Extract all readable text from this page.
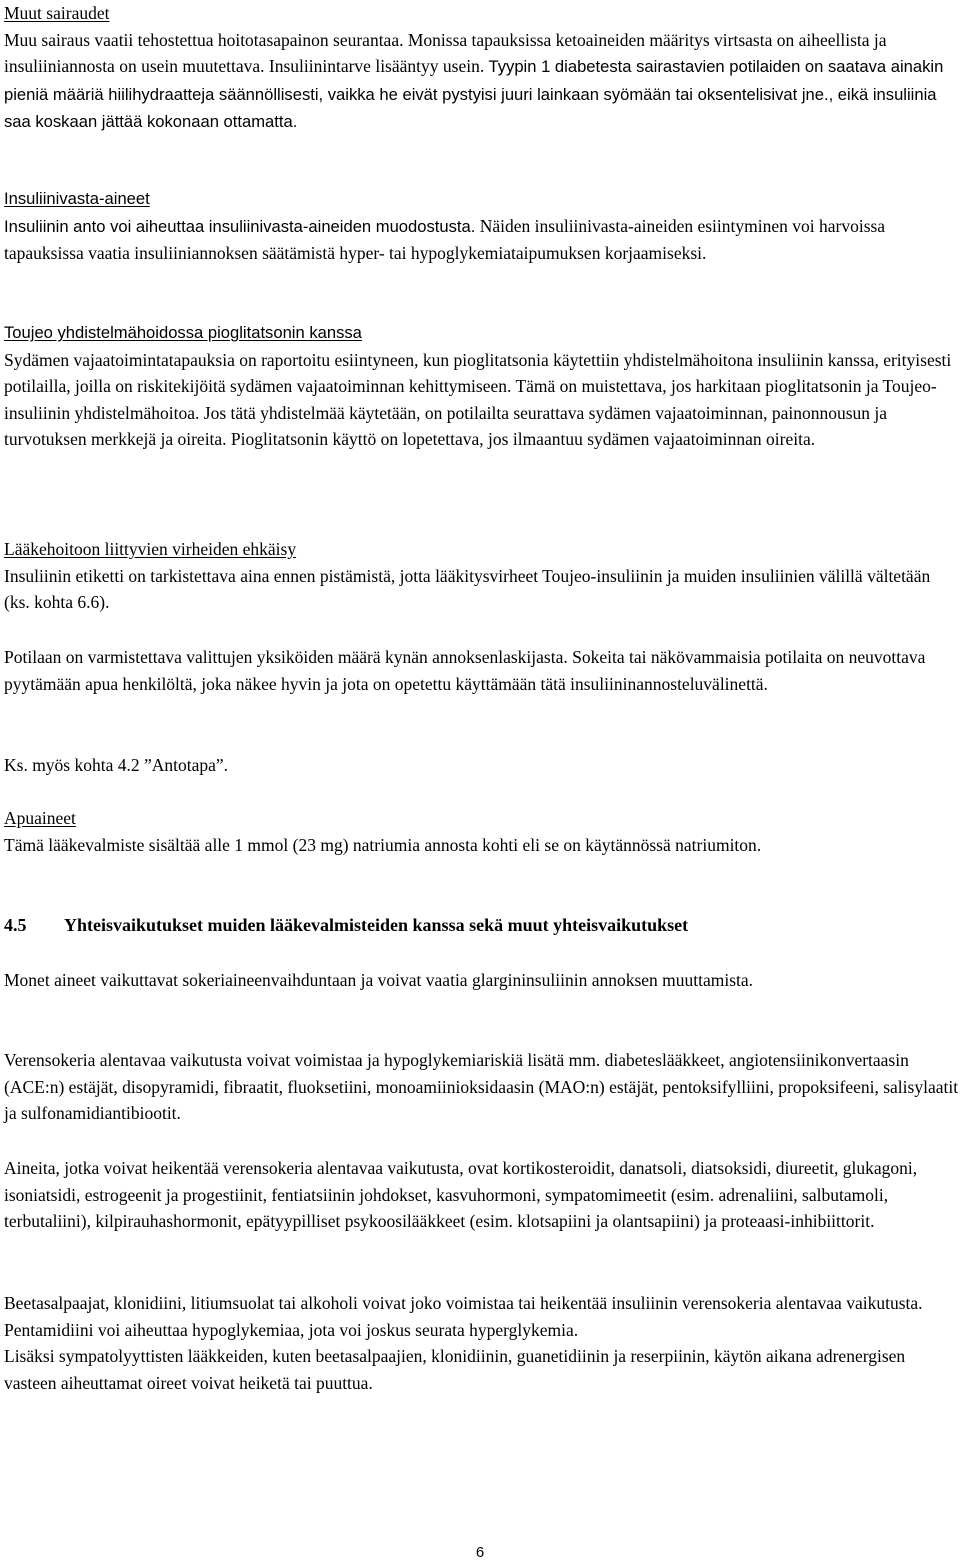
Muut sairaudet

Muu sairaus vaatii tehostettua hoitotasapainon seurantaa. Monissa tapauksissa ketoaineiden määritys virtsasta on aiheellista ja insuliiniannosta on usein muutettava. Insuliinintarve lisääntyy usein. Tyypin 1 diabetesta sairastavien potilaiden on saatava ainakin pieniä määriä hiilihydraatteja säännöllisesti, vaikka he eivät pystyisi juuri lainkaan syömään tai oksentelisivat jne., eikä insuliinia saa koskaan jättää kokonaan ottamatta.

Insuliinivasta-aineet

Insuliinin anto voi aiheuttaa insuliinivasta-aineiden muodostusta. Näiden insuliinivasta-aineiden esiintyminen voi harvoissa tapauksissa vaatia insuliiniannoksen säätämistä hyper- tai hypoglykemiataipumuksen korjaamiseksi.

Toujeo yhdistelmähoidossa pioglitatsonin kanssa

Sydämen vajaatoimintatapauksia on raportoitu esiintyneen, kun pioglitatsonia käytettiin yhdistelmähoitona insuliinin kanssa, erityisesti potilailla, joilla on riskitekijöitä sydämen vajaatoiminnan kehittymiseen. Tämä on muistettava, jos harkitaan pioglitatsonin ja Toujeo-insuliinin yhdistelmähoitoa. Jos tätä yhdistelmää käytetään, on potilailta seurattava sydämen vajaatoiminnan, painonnousun ja turvotuksen merkkejä ja oireita. Pioglitatsonin käyttö on lopetettava, jos ilmaantuu sydämen vajaatoiminnan oireita.

Lääkehoitoon liittyvien virheiden ehkäisy

Insuliinin etiketti on tarkistettava aina ennen pistämistä, jotta lääkitysvirheet Toujeo-insuliinin ja muiden insuliinien välillä vältetään (ks. kohta 6.6).

Potilaan on varmistettava valittujen yksiköiden määrä kynän annoksenlaskijasta. Sokeita tai näkövammaisia potilaita on neuvottava pyytämään apua henkilöltä, joka näkee hyvin ja jota on opetettu käyttämään tätä insuliininannosteluvälinettä.

Ks. myös kohta 4.2 ”Antotapa”.

Apuaineet

Tämä lääkevalmiste sisältää alle 1 mmol (23 mg) natriumia annosta kohti eli se on käytännössä natriumiton.

4.5	Yhteisvaikutukset muiden lääkevalmisteiden kanssa sekä muut yhteisvaikutukset

Monet aineet vaikuttavat sokeriaineenvaihduntaan ja voivat vaatia glargininsuliinin annoksen muuttamista.

Verensokeria alentavaa vaikutusta voivat voimistaa ja hypoglykemiariskiä lisätä mm. diabeteslääkkeet, angiotensiinikonvertaasin (ACE:n) estäjät, disopyramidi, fibraatit, fluoksetiini, monoamiinioksidaasin (MAO:n) estäjät, pentoksifylliini, propoksifeeni, salisylaatit ja sulfonamidiantibiootit.

Aineita, jotka voivat heikentää verensokeria alentavaa vaikutusta, ovat kortikosteroidit, danatsoli, diatsoksidi, diureetit, glukagoni, isoniatsidi, estrogeenit ja progestiinit, fentiatsiinin johdokset, kasvuhormoni, sympatomimeetit (esim. adrenaliini, salbutamoli, terbutaliini), kilpirauhashormonit, epätyypilliset psykoosilääkkeet (esim. klotsapiini ja olantsapiini) ja proteaasi-inhibiittorit.

Beetasalpaajat, klonidiini, litiumsuolat tai alkoholi voivat joko voimistaa tai heikentää insuliinin verensokeria alentavaa vaikutusta. Pentamidiini voi aiheuttaa hypoglykemiaa, jota voi joskus seurata hyperglykemia.

Lisäksi sympatolyyttisten lääkkeiden, kuten beetasalpaajien, klonidiinin, guanetidiinin ja reserpiinin, käytön aikana adrenergisen vasteen aiheuttamat oireet voivat heiketä tai puuttua.

6
